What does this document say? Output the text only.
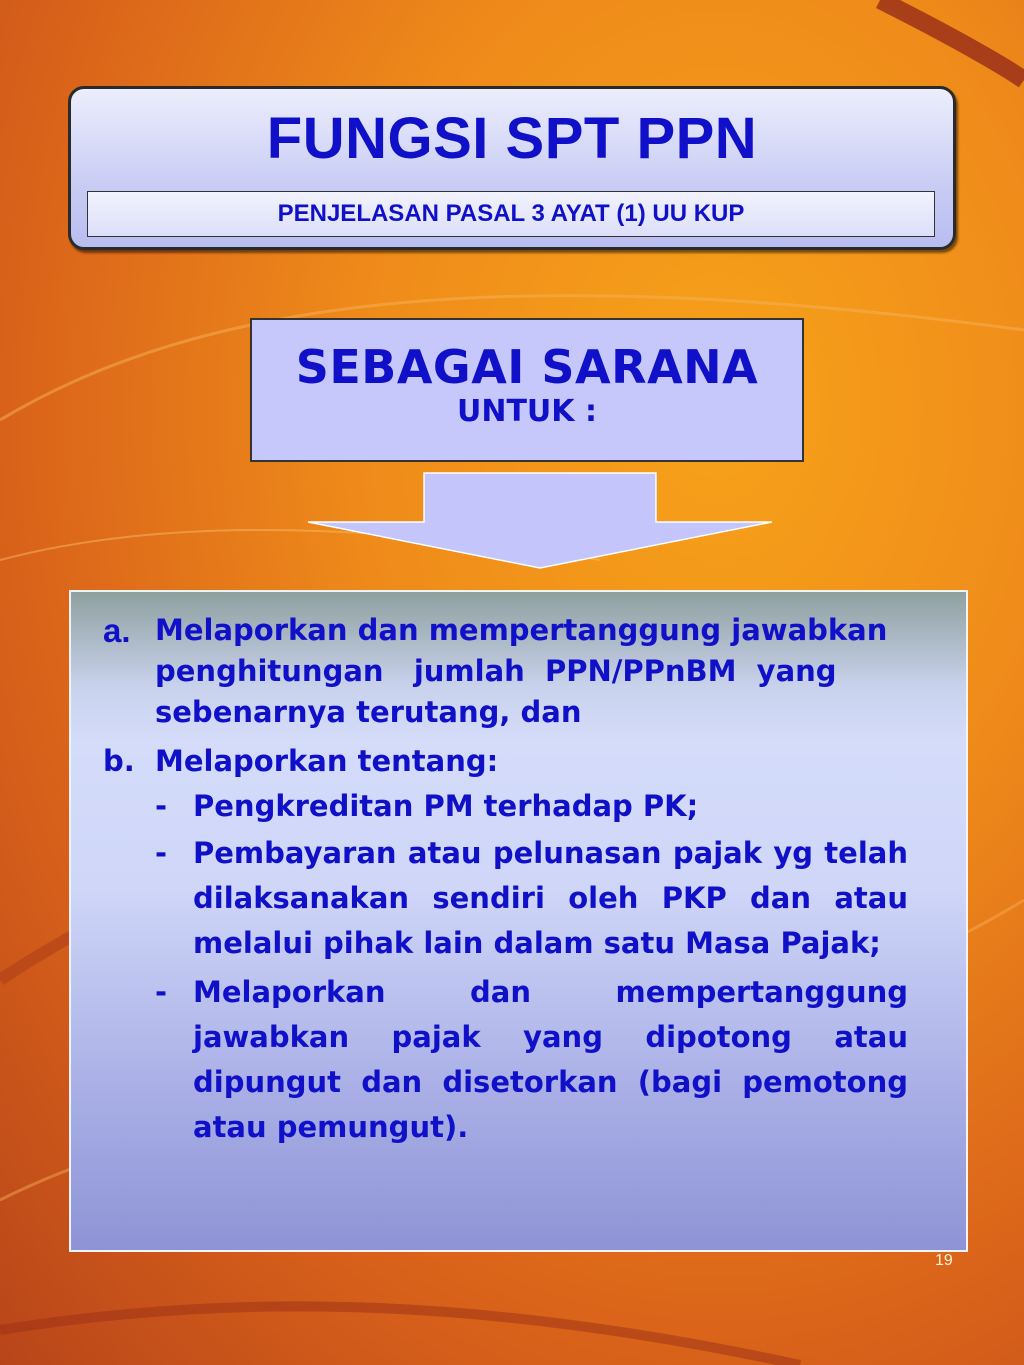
FUNGSI SPT PPN
PENJELASAN PASAL 3 AYAT (1) UU KUP
SEBAGAI SARANA
UNTUK :
a. Melaporkan dan mempertanggung jawabkan
penghitungan   jumlah  PPN/PPnBM  yang
sebenarnya terutang, dan
b. Melaporkan tentang:
- Pengkreditan PM terhadap PK;
- Pembayaran atau pelunasan pajak yg telah dilaksanakan sendiri oleh PKP dan atau melalui pihak lain dalam satu Masa Pajak;
- Melaporkan dan mempertanggung jawabkan pajak yang dipotong atau dipungut dan disetorkan (bagi pemotong atau pemungut).
19
